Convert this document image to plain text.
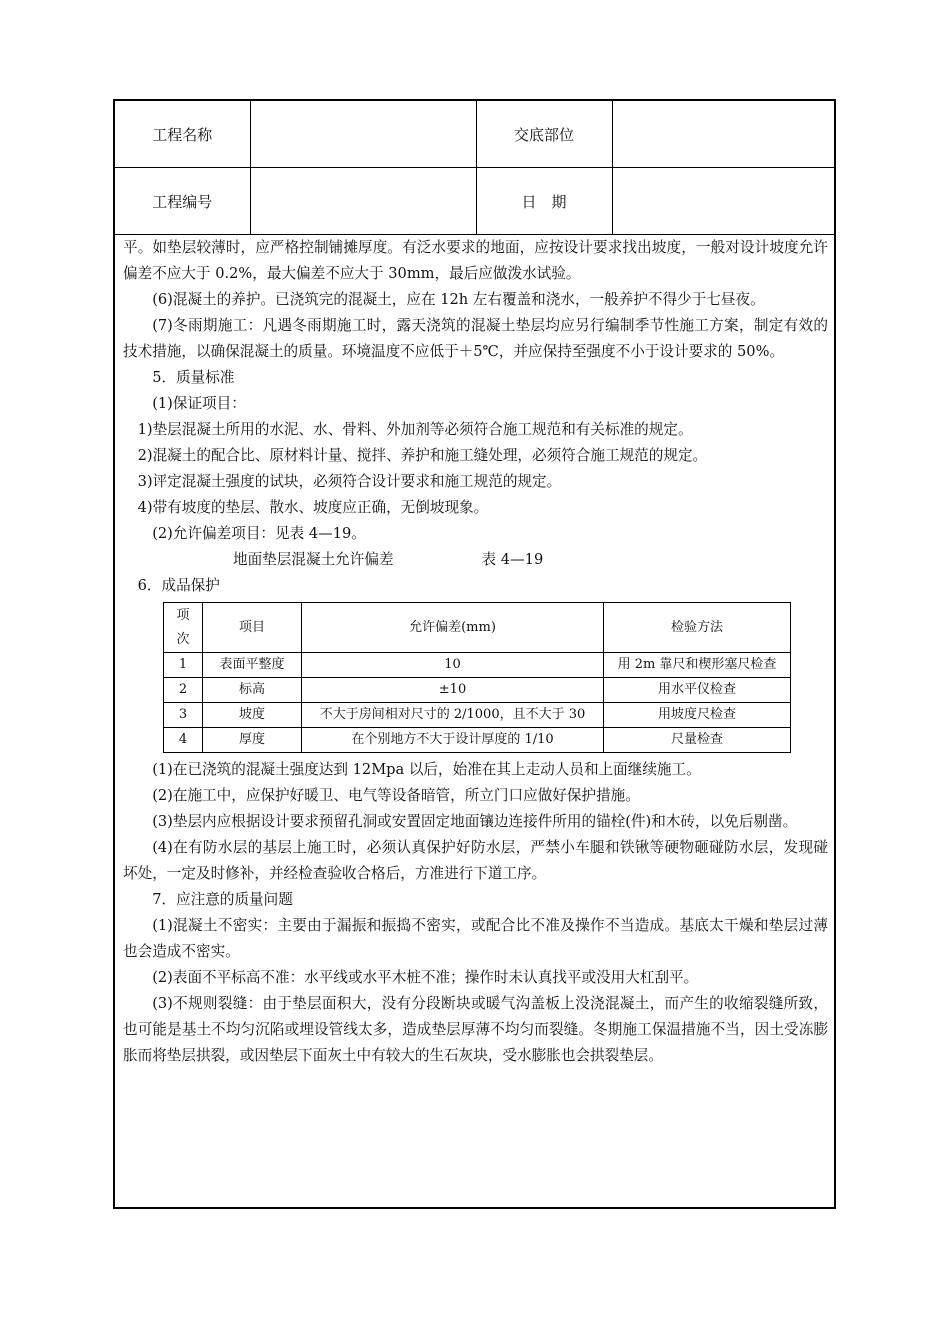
工程名称		交底部位	
工程编号		日　期	

平。如垫层较薄时，应严格控制铺摊厚度。有泛水要求的地面，应按设计要求找出坡度，一般对设计坡度允许偏差不应大于 0.2%，最大偏差不应大于 30mm，最后应做泼水试验。

(6)混凝土的养护。已浇筑完的混凝土，应在 12h 左右覆盖和浇水，一般养护不得少于七昼夜。

(7)冬雨期施工：凡遇冬雨期施工时，露天浇筑的混凝土垫层均应另行编制季节性施工方案，制定有效的技术措施，以确保混凝土的质量。环境温度不应低于＋5℃，并应保持至强度不小于设计要求的 50%。

5．质量标准

(1)保证项目：

1)垫层混凝土所用的水泥、水、骨料、外加剂等必须符合施工规范和有关标准的规定。

2)混凝土的配合比、原材料计量、搅拌、养护和施工缝处理，必须符合施工规范的规定。

3)评定混凝土强度的试块，必须符合设计要求和施工规范的规定。

4)带有坡度的垫层、散水、坡度应正确，无倒坡现象。

(2)允许偏差项目：见表 4—19。

地面垫层混凝土允许偏差	表 4—19

6．成品保护

项次	项目	允许偏差(mm)	检验方法
1	表面平整度	10	用 2m 靠尺和楔形塞尺检查
2	标高	±10	用水平仪检查
3	坡度	不大于房间相对尺寸的 2/1000，且不大于 30	用坡度尺检查
4	厚度	在个别地方不大于设计厚度的 1/10	尺量检查

(1)在已浇筑的混凝土强度达到 12Mpa 以后，始准在其上走动人员和上面继续施工。

(2)在施工中，应保护好暖卫、电气等设备暗管，所立门口应做好保护措施。

(3)垫层内应根据设计要求预留孔洞或安置固定地面镶边连接件所用的锚栓(件)和木砖，以免后剔凿。

(4)在有防水层的基层上施工时，必须认真保护好防水层，严禁小车腿和铁锹等硬物砸碰防水层，发现碰坏处，一定及时修补，并经检查验收合格后，方准进行下道工序。

7．应注意的质量问题

(1)混凝土不密实：主要由于漏振和振捣不密实，或配合比不准及操作不当造成。基底太干燥和垫层过薄也会造成不密实。

(2)表面不平标高不准：水平线或水平木桩不准；操作时未认真找平或没用大杠刮平。

(3)不规则裂缝：由于垫层面积大，没有分段断块或暖气沟盖板上没浇混凝土，而产生的收缩裂缝所致，也可能是基土不均匀沉陷或埋设管线太多，造成垫层厚薄不均匀而裂缝。冬期施工保温措施不当，因土受冻膨胀而将垫层拱裂，或因垫层下面灰土中有较大的生石灰块，受水膨胀也会拱裂垫层。
